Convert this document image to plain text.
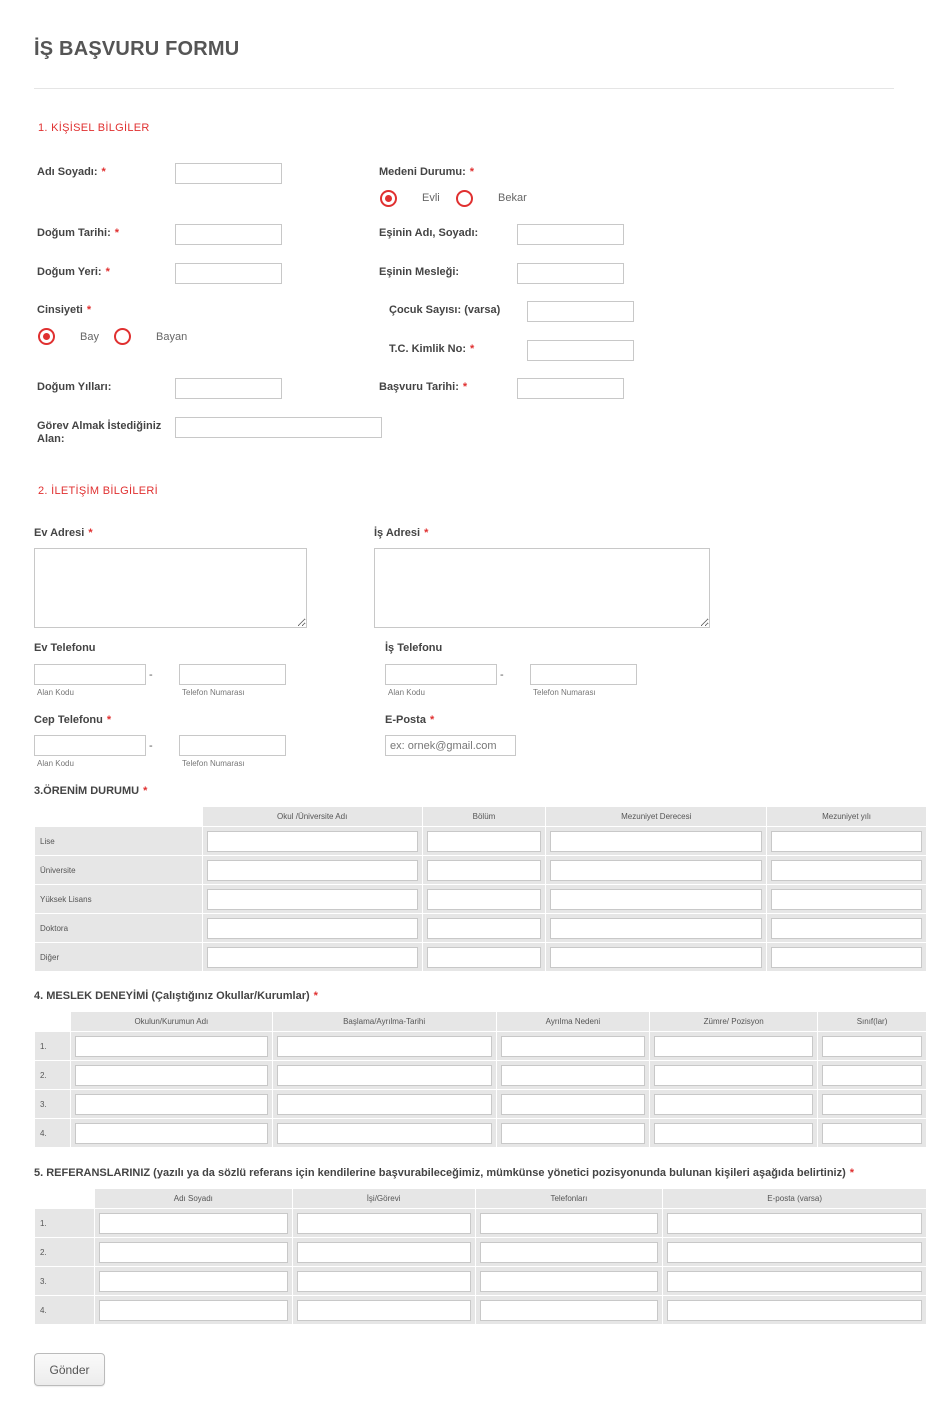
İŞ BAŞVURU FORMU
1. KİŞİSEL BİLGİLER
Adı Soyadı: *
Doğum Tarihi: *
Doğum Yeri: *
Cinsiyeti *
Bay	Bayan
Doğum Yılları:
Görev Almak İstediğiniz
Alan:
Medeni Durumu: *
Evli	Bekar
Eşinin Adı, Soyadı:
Eşinin Mesleği:
Çocuk Sayısı: (varsa)
T.C. Kimlik No: *
Başvuru Tarihi: *
2. İLETİŞİM BİLGİLERİ
Ev Adresi *	İş Adresi *
Ev Telefonu
-
Alan Kodu	Telefon Numarası
İş Telefonu
-
Alan Kodu	Telefon Numarası
Cep Telefonu *
-
Alan Kodu	Telefon Numarası
E-Posta *
ex: ornek@gmail.com
3.ÖRENİM DURUMU *
	Okul /Üniversite Adı	Bölüm	Mezuniyet Derecesi	Mezuniyet yılı
Lise	

Üniversite	

Yüksek Lisans	

Doktora	

Diğer	

4. MESLEK DENEYİMİ (Çalıştığınız Okullar/Kurumlar) *
	Okulun/Kurumun Adı	Başlama/Ayrılma-Tarihi	Ayrılma Nedeni	Zümre/ Pozisyon	Sınıf(lar)
1.	

2.	

3.	

4.	

5. REFERANSLARINIZ (yazılı ya da sözlü referans için kendilerine başvurabileceğimiz, mümkünse yönetici pozisyonunda bulunan kişileri aşağıda belirtiniz) *
	Adı Soyadı	İşi/Görevi	Telefonları	E-posta (varsa)
1.	

2.	

3.	

4.	

Gönder
